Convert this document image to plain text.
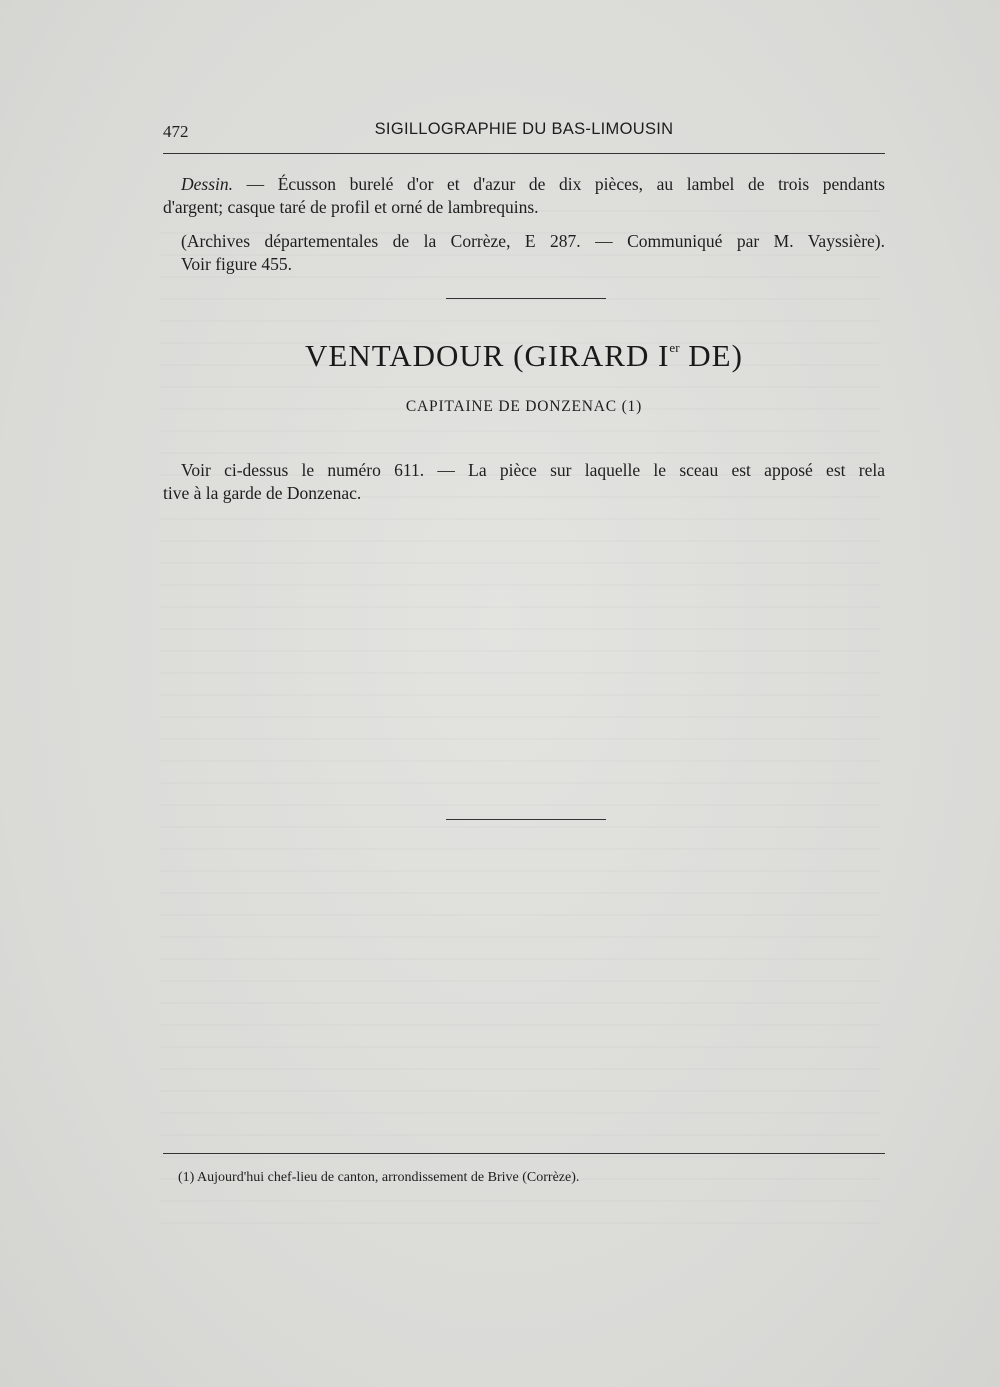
472	SIGILLOGRAPHIE DU BAS-LIMOUSIN
Dessin. — Écusson burelé d'or et d'azur de dix pièces, au lambel de trois pendants
d'argent; casque taré de profil et orné de lambrequins.
(Archives départementales de la Corrèze, E 287. — Communiqué par M. Vayssière).
Voir figure 455.
VENTADOUR (GIRARD Ier DE)
CAPITAINE DE DONZENAC (1)
Voir ci-dessus le numéro 611. — La pièce sur laquelle le sceau est apposé est rela
tive à la garde de Donzenac.
(1) Aujourd'hui chef-lieu de canton, arrondissement de Brive (Corrèze).
